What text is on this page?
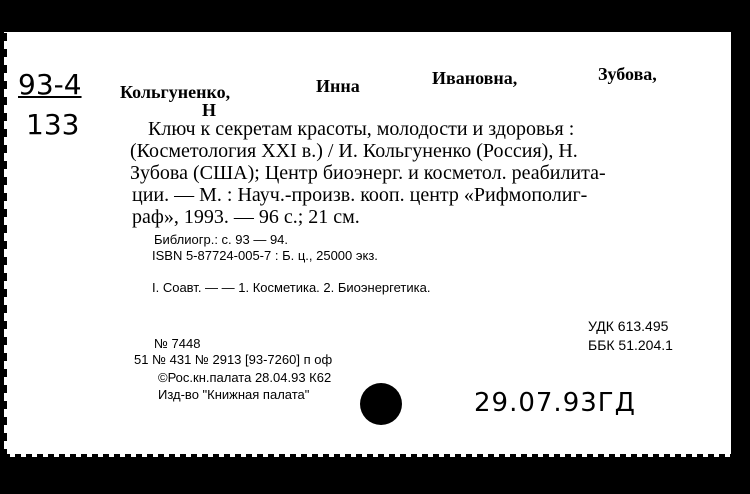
93-4
133
Кольгуненко,	Инна	Ивановна,	Зубова,
Н
Ключ к секретам красоты, молодости и здоровья :
(Косметология XXI в.) / И. Кольгуненко (Россия), Н.
Зубова (США); Центр биоэнерг. и косметол. реабилита-
ции. — М. : Науч.-произв. кооп. центр «Рифмополиг-
раф», 1993. — 96 с.; 21 см.
Библиогр.: с. 93 — 94.
ISBN 5-87724-005-7 : Б. ц., 25000 экз.
I. Соавт. — — 1. Косметика. 2. Биоэнергетика.
УДК 613.495
ББК 51.204.1
№ 7448
51 № 431 № 2913 [93-7260] п оф
©Рос.кн.палата 28.04.93 К62
Изд-во "Книжная палата"	29.07.93ГД
